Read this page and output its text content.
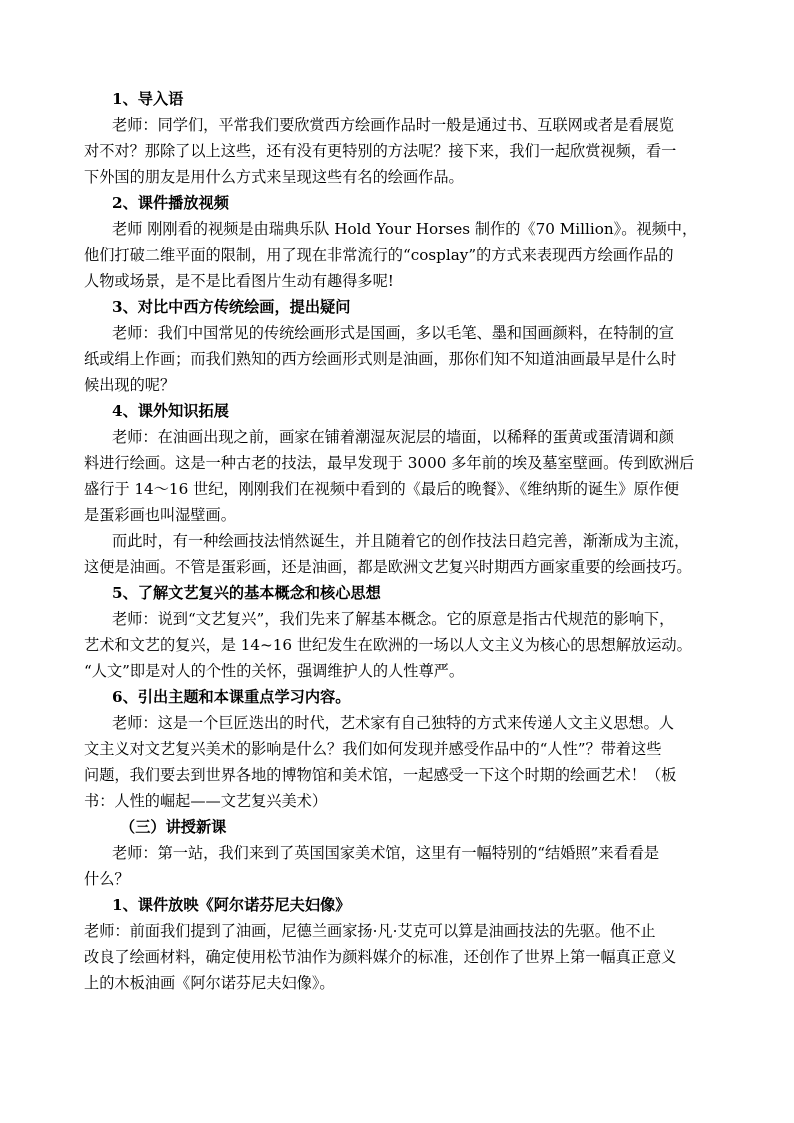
1、导入语
老师：同学们，平常我们要欣赏西方绘画作品时一般是通过书、互联网或者是看展览
对不对？那除了以上这些，还有没有更特别的方法呢？接下来，我们一起欣赏视频，看一
下外国的朋友是用什么方式来呈现这些有名的绘画作品。
2、课件播放视频
老师 刚刚看的视频是由瑞典乐队 Hold Your Horses 制作的《70 Million》。视频中，
他们打破二维平面的限制，用了现在非常流行的“cosplay”的方式来表现西方绘画作品的
人物或场景，是不是比看图片生动有趣得多呢!
3、对比中西方传统绘画，提出疑问
老师：我们中国常见的传统绘画形式是国画，多以毛笔、墨和国画颜料，在特制的宣
纸或绢上作画；而我们熟知的西方绘画形式则是油画，那你们知不知道油画最早是什么时
候出现的呢？
4、课外知识拓展
老师：在油画出现之前，画家在铺着潮湿灰泥层的墙面，以稀释的蛋黄或蛋清调和颜
料进行绘画。这是一种古老的技法，最早发现于 3000 多年前的埃及墓室壁画。传到欧洲后
盛行于 14～16 世纪，刚刚我们在视频中看到的《最后的晚餐》、《维纳斯的诞生》原作便
是蛋彩画也叫湿壁画。
而此时，有一种绘画技法悄然诞生，并且随着它的创作技法日趋完善，渐渐成为主流，
这便是油画。不管是蛋彩画，还是油画，都是欧洲文艺复兴时期西方画家重要的绘画技巧。
5、了解文艺复兴的基本概念和核心思想
老师：说到“文艺复兴”，我们先来了解基本概念。它的原意是指古代规范的影响下，
艺术和文艺的复兴，是 14~16 世纪发生在欧洲的一场以人文主义为核心的思想解放运动。
“人文”即是对人的个性的关怀，强调维护人的人性尊严。
6、引出主题和本课重点学习内容。
老师：这是一个巨匠迭出的时代，艺术家有自己独特的方式来传递人文主义思想。人
文主义对文艺复兴美术的影响是什么？我们如何发现并感受作品中的“人性”？带着这些
问题，我们要去到世界各地的博物馆和美术馆，一起感受一下这个时期的绘画艺术！（板
书：人性的崛起——文艺复兴美术）
（三）讲授新课
老师：第一站，我们来到了英国国家美术馆，这里有一幅特别的“结婚照”来看看是
什么？
1、课件放映《阿尔诺芬尼夫妇像》
老师：前面我们提到了油画，尼德兰画家扬·凡·艾克可以算是油画技法的先驱。他不止
改良了绘画材料，确定使用松节油作为颜料媒介的标准，还创作了世界上第一幅真正意义
上的木板油画《阿尔诺芬尼夫妇像》。
